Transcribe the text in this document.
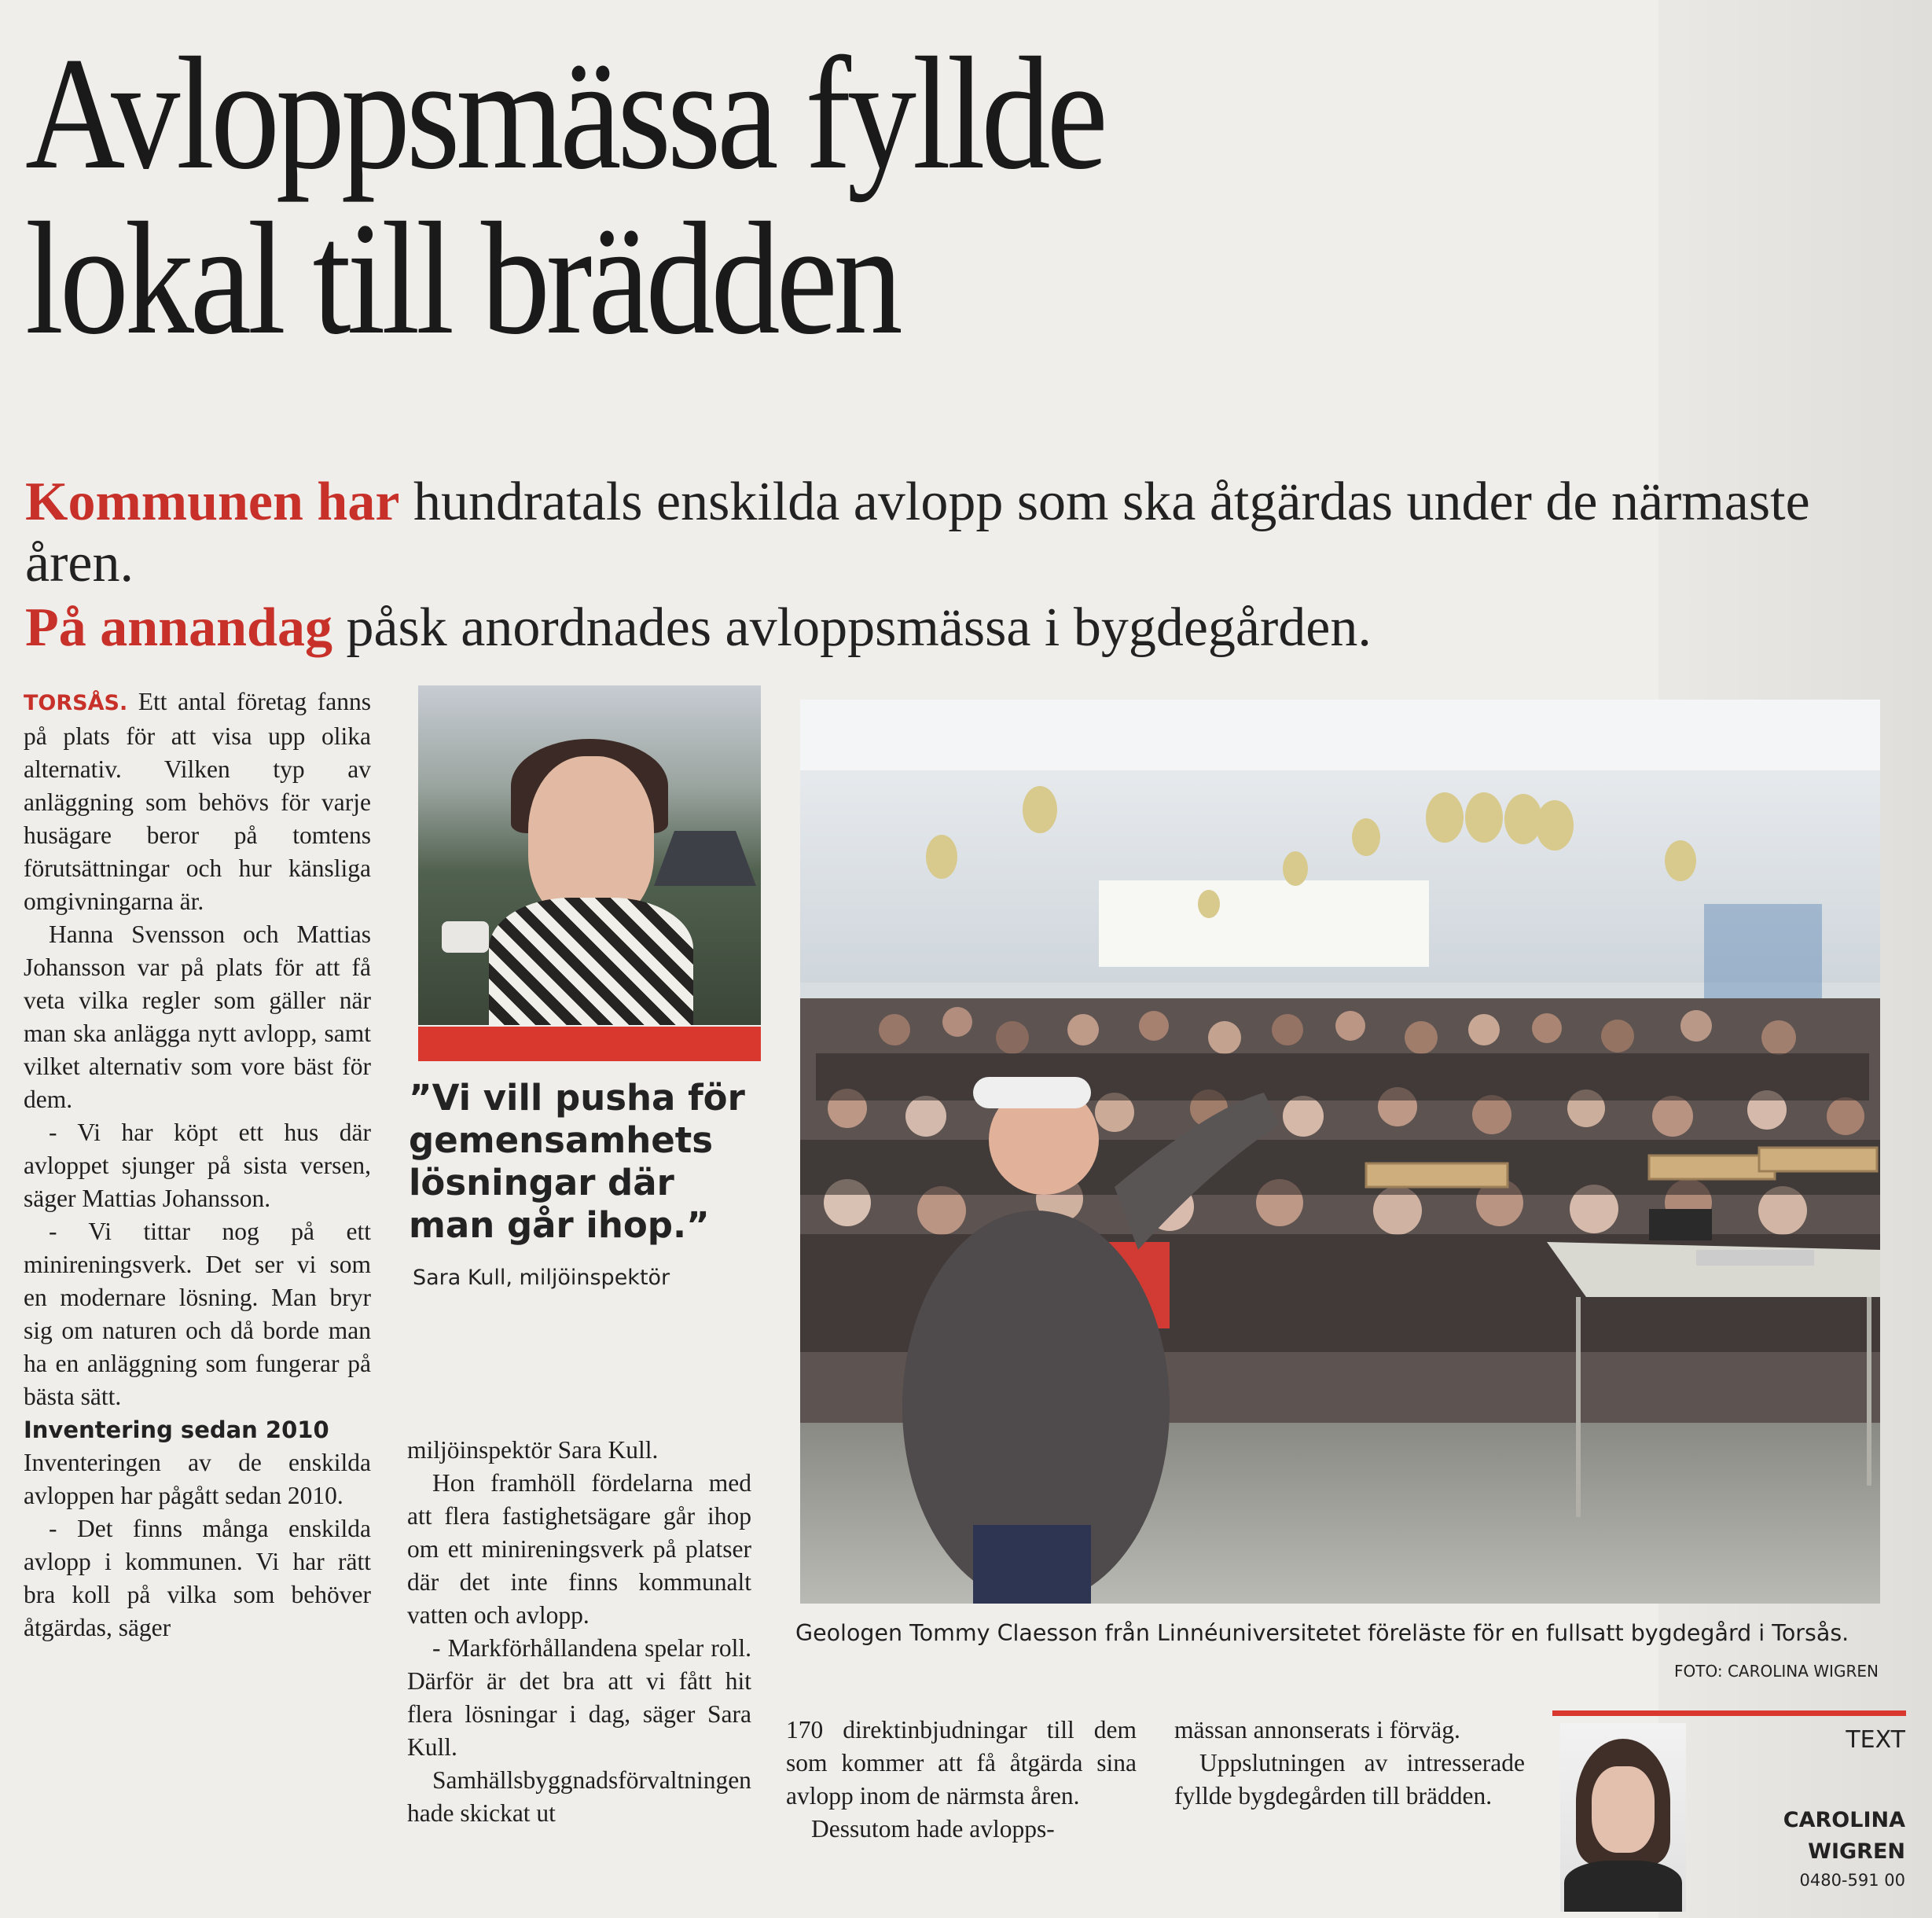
Avloppsmässa fyllde
lokal till brädden

Kommunen har hundratals enskilda avlopp som ska åtgärdas under de närmaste åren.

På annandag påsk anordnades avloppsmässa i bygdegården.

TORSÅS. Ett antal företag fanns på plats för att visa upp olika alternativ. Vilken typ av anläggning som behövs för varje husägare beror på tomtens förutsättningar och hur känsliga omgivningarna är.

Hanna Svensson och Mattias Johansson var på plats för att få veta vilka regler som gäller när man ska anlägga nytt avlopp, samt vilket alternativ som vore bäst för dem.

- Vi har köpt ett hus där avloppet sjunger på sista versen, säger Mattias Johansson.

- Vi tittar nog på ett minireningsverk. Det ser vi som en modernare lösning. Man bryr sig om naturen och då borde man ha en anläggning som fungerar på bästa sätt.

Inventering sedan 2010

Inventeringen av de enskilda avloppen har pågått sedan 2010.

- Det finns många enskilda avlopp i kommunen. Vi har rätt bra koll på vilka som behöver åtgärdas, säger

”Vi vill pusha för gemensamhets lösningar där man går ihop.”

Sara Kull, miljöinspektör

miljöinspektör Sara Kull.

Hon framhöll fördelarna med att flera fastighetsägare går ihop om ett minireningsverk på platser där det inte finns kommunalt vatten och avlopp.

- Markförhållandena spelar roll. Därför är det bra att vi fått hit flera lösningar i dag, säger Sara Kull.

Samhällsbyggnadsförvaltningen hade skickat ut

Geologen Tommy Claesson från Linnéuniversitetet föreläste för en fullsatt bygdegård i Torsås.

FOTO: CAROLINA WIGREN

170 direktinbjudningar till dem som kommer att få åtgärda sina avlopp inom de närmsta åren.

Dessutom hade avlopps-

mässan annonserats i förväg.

Uppslutningen av intresserade fyllde bygdegården till brädden.

TEXT

CAROLINA

WIGREN

0480-591 00
